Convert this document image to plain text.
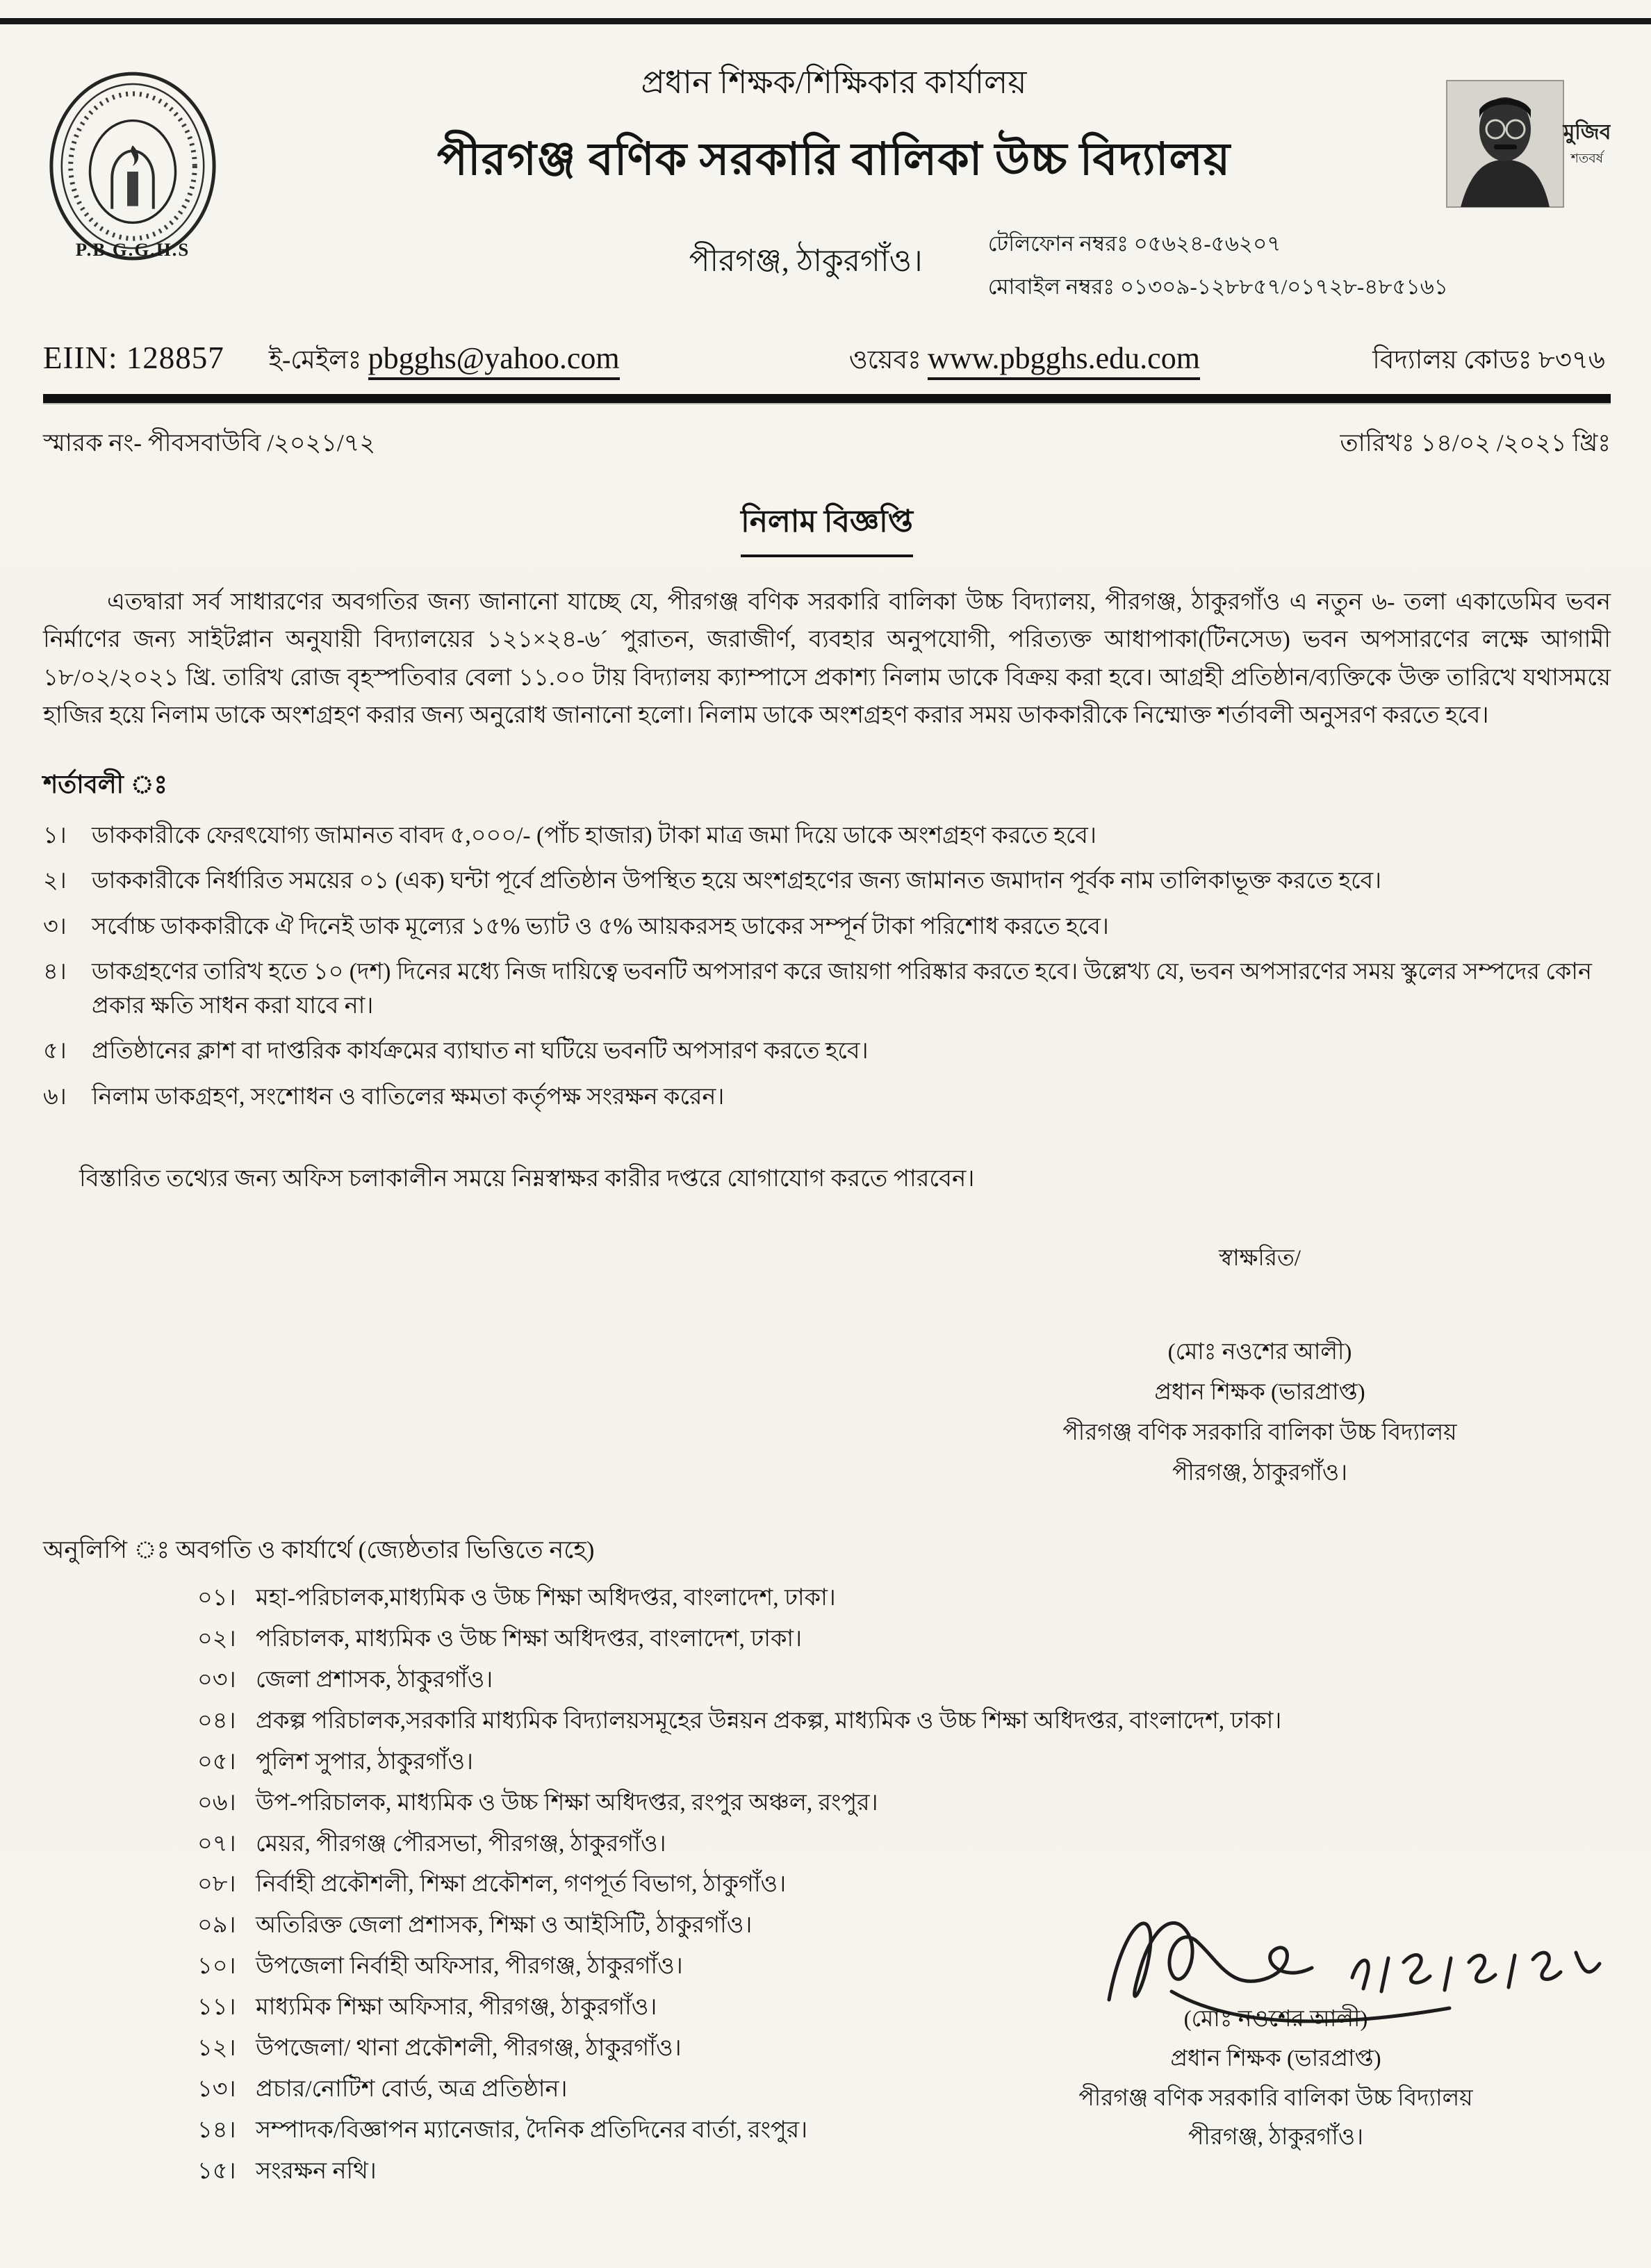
P.B.G.G.H.S
প্রধান শিক্ষক/শিক্ষিকার কার্যালয়
পীরগঞ্জ বণিক সরকারি বালিকা উচ্চ বিদ্যালয়
পীরগঞ্জ, ঠাকুরগাঁও।
টেলিফোন নম্বরঃ ০৫৬২৪-৫৬২০৭
মোবাইল নম্বরঃ ০১৩০৯-১২৮৮৫৭/০১৭২৮-৪৮৫১৬১
মুজিব
শতবর্ষ
EIIN: 128857 ই-মেইলঃ pbgghs@yahoo.com	ওয়েবঃ www.pbgghs.edu.com	বিদ্যালয় কোডঃ ৮৩৭৬
স্মারক নং- পীবসবাউবি /২০২১/৭২	তারিখঃ ১৪/০২ /২০২১ খ্রিঃ
নিলাম বিজ্ঞপ্তি

এতদ্বারা সর্ব সাধারণের অবগতির জন্য জানানো যাচ্ছে যে, পীরগঞ্জ বণিক সরকারি বালিকা উচ্চ বিদ্যালয়, পীরগঞ্জ, ঠাকুরগাঁও এ নতুন ৬- তলা একাডেমিব ভবন নির্মাণের জন্য সাইটপ্লান অনুযায়ী বিদ্যালয়ের ১২১×২৪-৬´ পুরাতন, জরাজীর্ণ, ব্যবহার অনুপযোগী, পরিত্যক্ত আধাপাকা(টিনসেড) ভবন অপসারণের লক্ষে আগামী ১৮/০২/২০২১ খ্রি. তারিখ রোজ বৃহস্পতিবার বেলা ১১.০০ টায় বিদ্যালয় ক্যাম্পাসে প্রকাশ্য নিলাম ডাকে বিক্রয় করা হবে। আগ্রহী প্রতিষ্ঠান/ব্যক্তিকে উক্ত তারিখে যথাসময়ে হাজির হয়ে নিলাম ডাকে অংশগ্রহণ করার জন্য অনুরোধ জানানো হলো। নিলাম ডাকে অংশগ্রহণ করার সময় ডাককারীকে নিম্মোক্ত শর্তাবলী অনুসরণ করতে হবে।

শর্তাবলী ঃ
১।	ডাককারীকে ফেরৎযোগ্য জামানত বাবদ ৫,০০০/- (পাঁচ হাজার) টাকা মাত্র জমা দিয়ে ডাকে অংশগ্রহণ করতে হবে।
২।	ডাককারীকে নির্ধারিত সময়ের ০১ (এক) ঘন্টা পূর্বে প্রতিষ্ঠান উপস্থিত হয়ে অংশগ্রহণের জন্য জামানত জমাদান পূর্বক নাম তালিকাভূক্ত করতে হবে।
৩।	সর্বোচ্চ ডাককারীকে ঐ দিনেই ডাক মূল্যের ১৫% ভ্যাট ও ৫% আয়করসহ ডাকের সম্পূর্ন টাকা পরিশোধ করতে হবে।
৪।	ডাকগ্রহণের তারিখ হতে ১০ (দশ) দিনের মধ্যে নিজ দায়িত্বে ভবনটি অপসারণ করে জায়গা পরিষ্কার করতে হবে। উল্লেখ্য যে, ভবন অপসারণের সময় স্কুলের সম্পদের কোন প্রকার ক্ষতি সাধন করা যাবে না।
৫।	প্রতিষ্ঠানের ক্লাশ বা দাপ্তরিক কার্যক্রমের ব্যাঘাত না ঘটিয়ে ভবনটি অপসারণ করতে হবে।
৬।	নিলাম ডাকগ্রহণ, সংশোধন ও বাতিলের ক্ষমতা কর্তৃপক্ষ সংরক্ষন করেন।
বিস্তারিত তথ্যের জন্য অফিস চলাকালীন সময়ে নিম্নস্বাক্ষর কারীর দপ্তরে যোগাযোগ করতে পারবেন।
স্বাক্ষরিত/
(মোঃ নওশের আলী)
প্রধান শিক্ষক (ভারপ্রাপ্ত)
পীরগঞ্জ বণিক সরকারি বালিকা উচ্চ বিদ্যালয়
পীরগঞ্জ, ঠাকুরগাঁও।
অনুলিপি ঃ অবগতি ও কার্যার্থে (জ্যেষ্ঠতার ভিত্তিতে নহে)
০১। মহা-পরিচালক,মাধ্যমিক ও উচ্চ শিক্ষা অধিদপ্তর, বাংলাদেশ, ঢাকা।
০২। পরিচালক, মাধ্যমিক ও উচ্চ শিক্ষা অধিদপ্তর, বাংলাদেশ, ঢাকা।
০৩। জেলা প্রশাসক, ঠাকুরগাঁও।
০৪। প্রকল্প পরিচালক,সরকারি মাধ্যমিক বিদ্যালয়সমূহের উন্নয়ন প্রকল্প, মাধ্যমিক ও উচ্চ শিক্ষা অধিদপ্তর, বাংলাদেশ, ঢাকা।
০৫। পুলিশ সুপার, ঠাকুরগাঁও।
০৬। উপ-পরিচালক, মাধ্যমিক ও উচ্চ শিক্ষা অধিদপ্তর, রংপুর অঞ্চল, রংপুর।
০৭। মেয়র, পীরগঞ্জ পৌরসভা, পীরগঞ্জ, ঠাকুরগাঁও।
০৮। নির্বাহী প্রকৌশলী, শিক্ষা প্রকৌশল, গণপূর্ত বিভাগ, ঠাকুগাঁও।
০৯। অতিরিক্ত জেলা প্রশাসক, শিক্ষা ও আইসিটি, ঠাকুরগাঁও।
১০। উপজেলা নির্বাহী অফিসার, পীরগঞ্জ, ঠাকুরগাঁও।
১১। মাধ্যমিক শিক্ষা অফিসার, পীরগঞ্জ, ঠাকুরগাঁও।
১২। উপজেলা/ থানা প্রকৌশলী, পীরগঞ্জ, ঠাকুরগাঁও।
১৩। প্রচার/নোটিশ বোর্ড, অত্র প্রতিষ্ঠান।
১৪। সম্পাদক/বিজ্ঞাপন ম্যানেজার, দৈনিক প্রতিদিনের বার্তা, রংপুর।
১৫। সংরক্ষন নথি।
(মোঃ নওশের আলী)
প্রধান শিক্ষক (ভারপ্রাপ্ত)
পীরগঞ্জ বণিক সরকারি বালিকা উচ্চ বিদ্যালয়
পীরগঞ্জ, ঠাকুরগাঁও।
